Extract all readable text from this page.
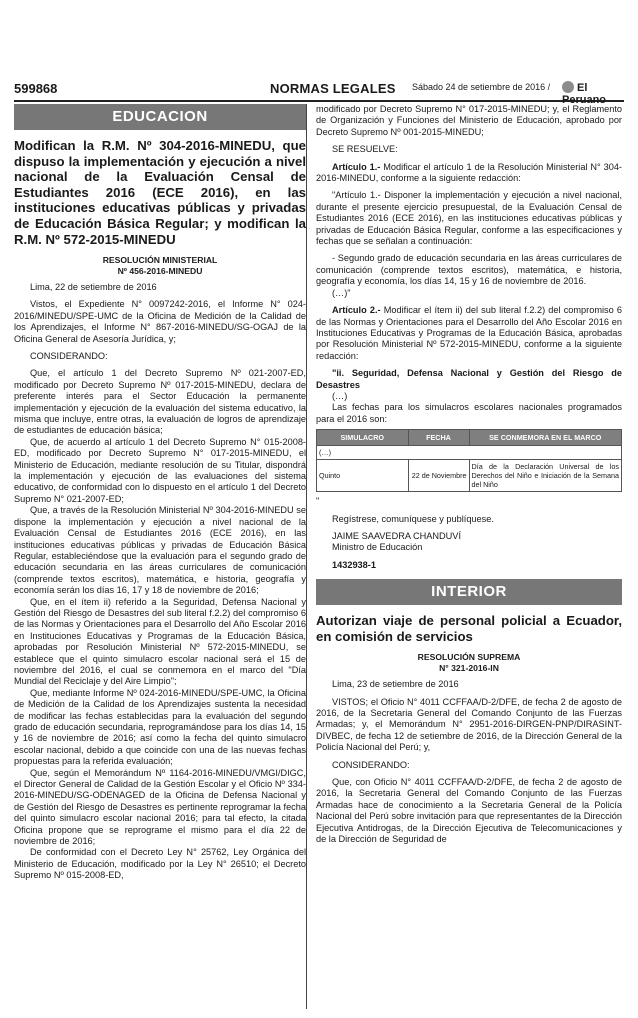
599868	NORMAS LEGALES Sábado 24 de setiembre de 2016 /	El Peruano
EDUCACION
Modifican la R.M. Nº 304-2016-MINEDU, que dispuso la implementación y ejecución a nivel nacional de la Evaluación Censal de Estudiantes 2016 (ECE 2016), en las instituciones educativas públicas y privadas de Educación Básica Regular; y modifican la R.M. Nº 572-2015-MINEDU
RESOLUCIÓN MINISTERIAL
Nº 456-2016-MINEDU

Lima, 22 de setiembre de 2016

Vistos, el Expediente N° 0097242-2016, el Informe N° 024-2016/MINEDU/SPE-UMC de la Oficina de Medición de la Calidad de los Aprendizajes, el Informe N° 867-2016-MINEDU/SG-OGAJ de la Oficina General de Asesoría Jurídica, y;

CONSIDERANDO:

Que, el artículo 1 del Decreto Supremo Nº 021-2007-ED, modificado por Decreto Supremo Nº 017-2015-MINEDU, declara de preferente interés para el Sector Educación la permanente implementación y ejecución de la evaluación del sistema educativo, la misma que incluye, entre otras, la evaluación de logros de aprendizaje de estudiantes de educación básica;

Que, de acuerdo al artículo 1 del Decreto Supremo N° 015-2008-ED, modificado por Decreto Supremo N° 017-2015-MINEDU, el Ministerio de Educación, mediante resolución de su Titular, dispondrá la implementación y ejecución de las evaluaciones del sistema educativo, de conformidad con lo dispuesto en el artículo 1 del Decreto Supremo N° 021-2007-ED;

Que, a través de la Resolución Ministerial Nº 304-2016-MINEDU se dispone la implementación y ejecución a nivel nacional de la Evaluación Censal de Estudiantes 2016 (ECE 2016), en las instituciones educativas públicas y privadas de Educación Básica Regular, estableciéndose que la evaluación para el segundo grado de educación secundaria en las áreas curriculares de comunicación (comprende textos escritos), matemática, e historia, geografía y economía serán los días 16, 17 y 18 de noviembre de 2016;

Que, en el ítem ii) referido a la Seguridad, Defensa Nacional y Gestión del Riesgo de Desastres del sub literal f.2.2) del compromiso 6 de las Normas y Orientaciones para el Desarrollo del Año Escolar 2016 en Instituciones Educativas y Programas de la Educación Básica, aprobadas por Resolución Ministerial Nº 572-2015-MINEDU, se establece que el quinto simulacro escolar nacional será el 15 de noviembre del 2016, el cual se conmemora en el marco del "Día Mundial del Reciclaje y del Aire Limpio";

Que, mediante Informe Nº 024-2016-MINEDU/SPE-UMC, la Oficina de Medición de la Calidad de los Aprendizajes sustenta la necesidad de modificar las fechas establecidas para la evaluación del segundo grado de educación secundaria, reprogramándose para los días 14, 15 y 16 de noviembre de 2016; así como la fecha del quinto simulacro escolar nacional, debido a que coincide con una de las nuevas fechas propuestas para la referida evaluación;

Que, según el Memorándum Nº 1164-2016-MINEDU/VMGI/DIGC, el Director General de Calidad de la Gestión Escolar y el Oficio Nº 334-2016-MINEDU/SG-ODENAGED de la Oficina de Defensa Nacional y de Gestión del Riesgo de Desastres es pertinente reprogramar la fecha del quinto simulacro escolar nacional 2016; para tal efecto, la citada Oficina propone que se reprograme el mismo para el día 22 de noviembre de 2016;

De conformidad con el Decreto Ley N° 25762, Ley Orgánica del Ministerio de Educación, modificado por la Ley N° 26510; el Decreto Supremo Nº 015-2008-ED,

modificado por Decreto Supremo N° 017-2015-MINEDU; y, el Reglamento de Organización y Funciones del Ministerio de Educación, aprobado por Decreto Supremo Nº 001-2015-MINEDU;

SE RESUELVE:

Artículo 1.- Modificar el artículo 1 de la Resolución Ministerial N° 304-2016-MINEDU, conforme a la siguiente redacción:

"Artículo 1.- Disponer la implementación y ejecución a nivel nacional, durante el presente ejercicio presupuestal, de la Evaluación Censal de Estudiantes 2016 (ECE 2016), en las instituciones educativas públicas y privadas de Educación Básica Regular, conforme a las especificaciones y fechas que se señalan a continuación:

- Segundo grado de educación secundaria en las áreas curriculares de comunicación (comprende textos escritos), matemática, e historia, geografía y economía, los días 14, 15 y 16 de noviembre de 2016.

(…)"

Artículo 2.- Modificar el ítem ii) del sub literal f.2.2) del compromiso 6 de las Normas y Orientaciones para el Desarrollo del Año Escolar 2016 en Instituciones Educativas y Programas de la Educación Básica, aprobadas por Resolución Ministerial Nº 572-2015-MINEDU, conforme a la siguiente redacción:

"ii. Seguridad, Defensa Nacional y Gestión del Riesgo de Desastres

(…)

Las fechas para los simulacros escolares nacionales programados para el 2016 son:

SIMULACRO	FECHA	SE CONMEMORA EN EL MARCO
(…)		
Quinto	22 de Noviembre	Día de la Declaración Universal de los Derechos del Niño e Iniciación de la Semana del Niño

"

Regístrese, comuníquese y publíquese.

JAIME SAAVEDRA CHANDUVÍ

Ministro de Educación

1432938-1

INTERIOR
Autorizan viaje de personal policial a Ecuador, en comisión de servicios
RESOLUCIÓN SUPREMA
N° 321-2016-IN

Lima, 23 de setiembre de 2016

VISTOS; el Oficio N° 4011 CCFFAA/D-2/DFE, de fecha 2 de agosto de 2016, de la Secretaria General del Comando Conjunto de las Fuerzas Armadas; y, el Memorándum N° 2951-2016-DIRGEN-PNP/DIRASINT-DIVBEC, de fecha 12 de setiembre de 2016, de la Dirección General de la Policía Nacional del Perú; y,

CONSIDERANDO:

Que, con Oficio N° 4011 CCFFAA/D-2/DFE, de fecha 2 de agosto de 2016, la Secretaria General del Comando Conjunto de las Fuerzas Armadas hace de conocimiento a la Secretaria General de la Policía Nacional del Perú sobre invitación para que representantes de la Dirección Ejecutiva Antidrogas, de la Dirección Ejecutiva de Telecomunicaciones y de la Dirección de Seguridad de
